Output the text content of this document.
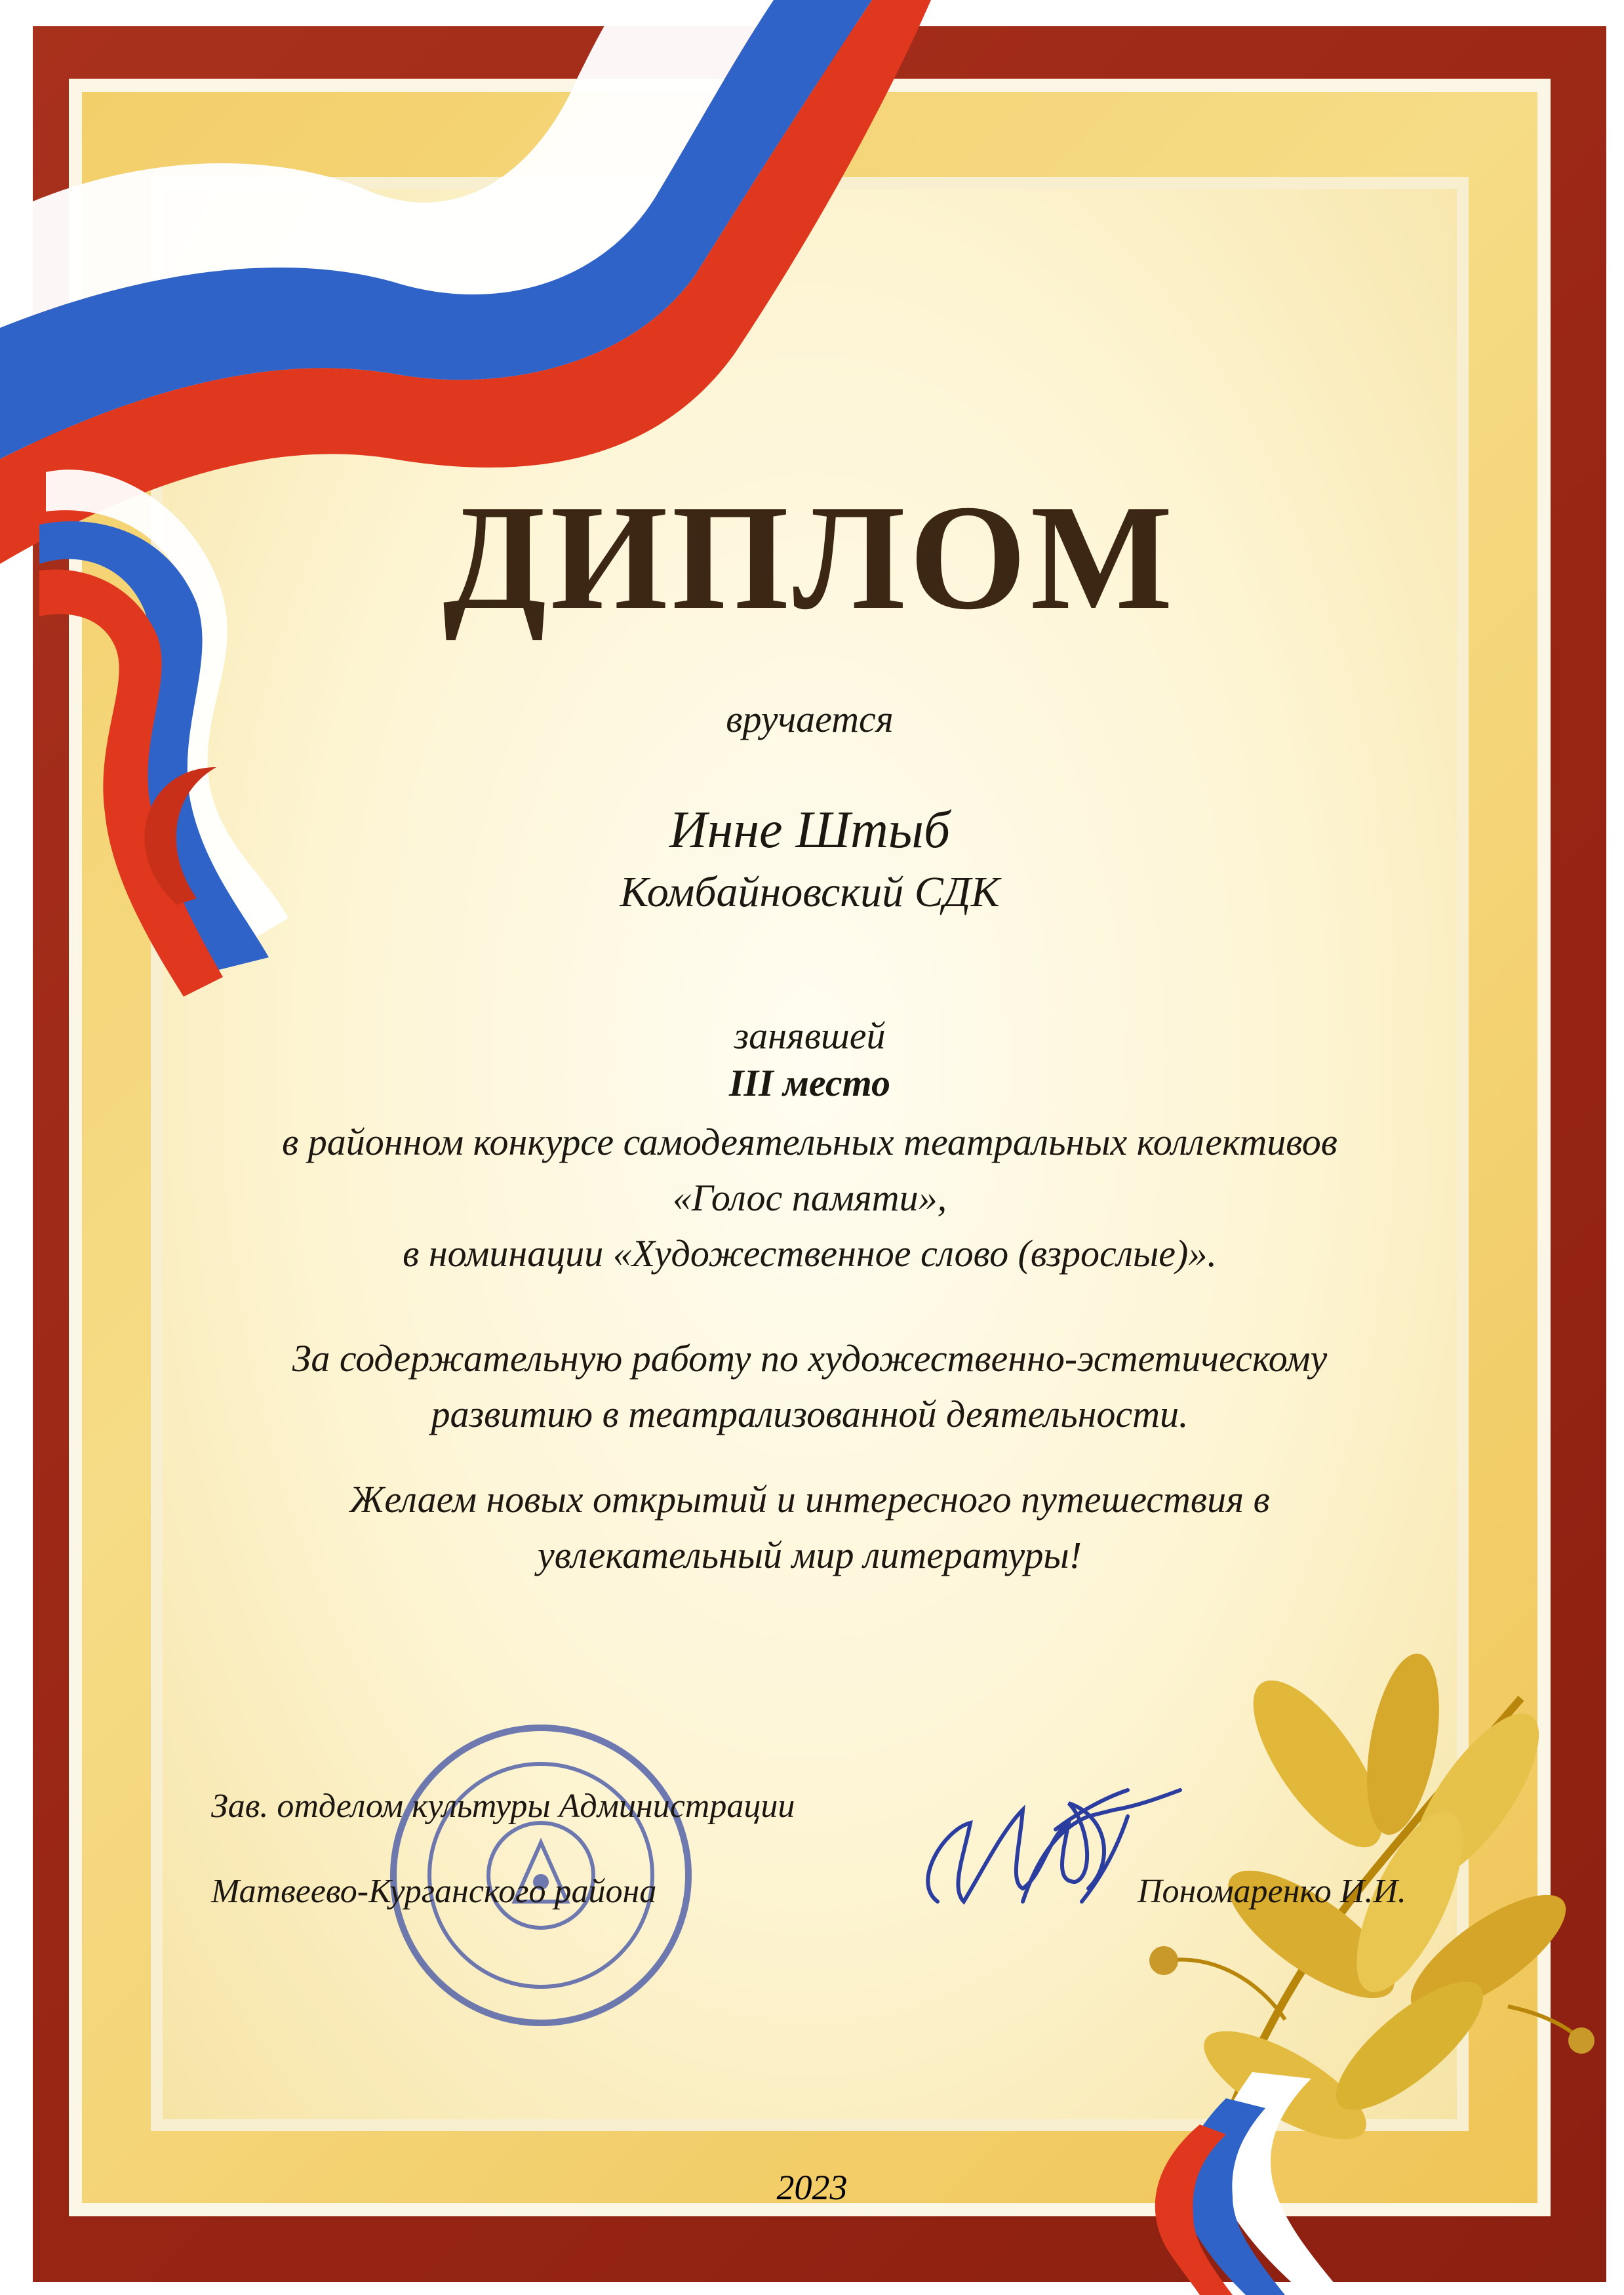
ДИПЛОМ
вручается
Инне Штыб
Комбайновский СДК
занявшей
III место
в районном конкурсе самодеятельных театральных коллективов
«Голос памяти»,
в номинации «Художественное слово (взрослые)».
За содержательную работу по художественно-эстетическому
развитию в театрализованной деятельности.
Желаем новых открытий и интересного путешествия в
увлекательный мир литературы!
Зав. отделом культуры Администрации
Матвеево-Курганского района	Пономаренко И.И.
2023
